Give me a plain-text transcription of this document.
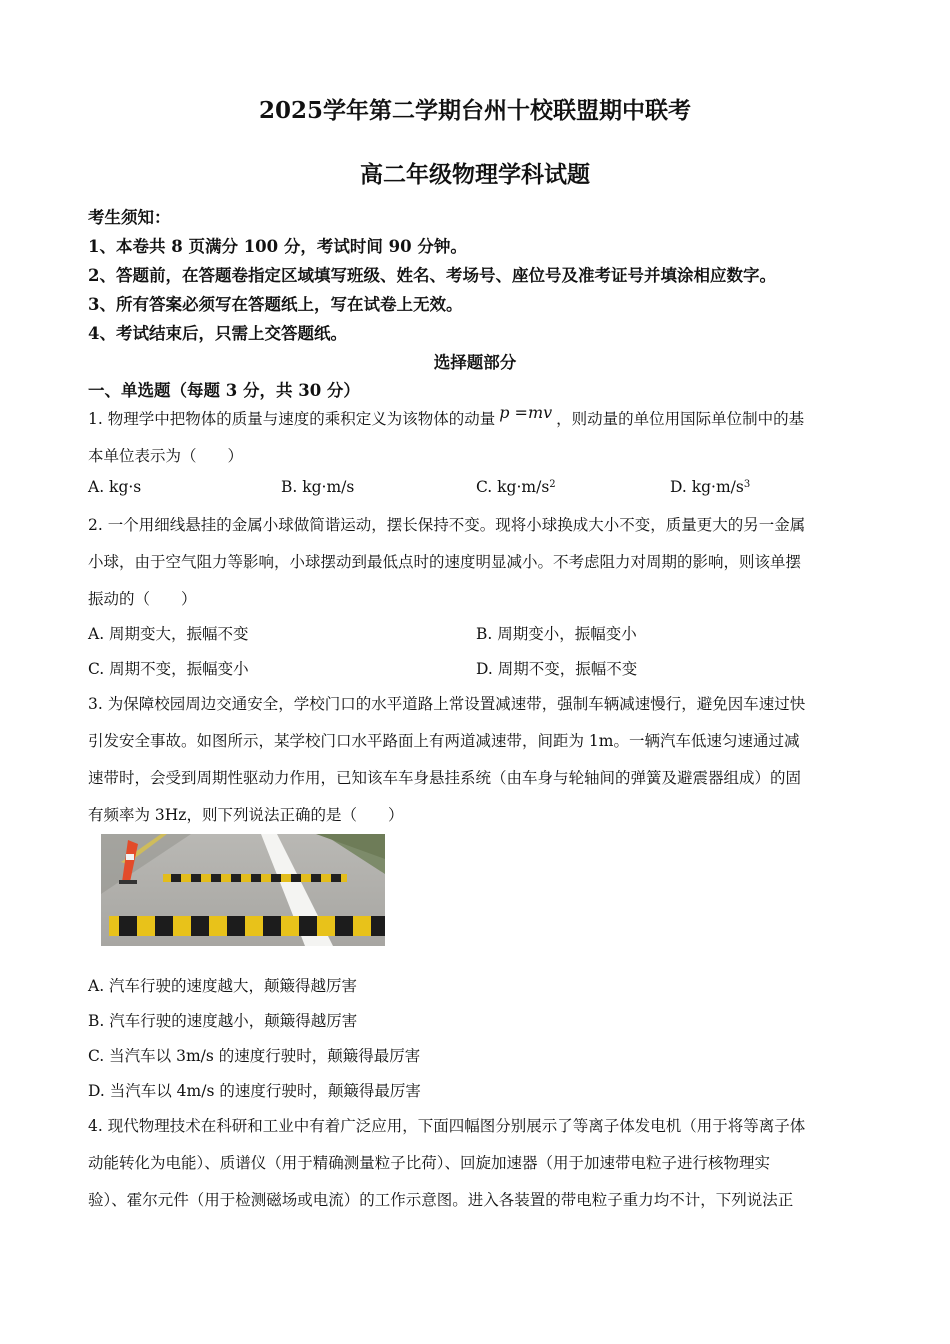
2025学年第二学期台州十校联盟期中联考
高二年级物理学科试题
考生须知：
1、本卷共 8 页满分 100 分，考试时间 90 分钟。
2、答题前，在答题卷指定区域填写班级、姓名、考场号、座位号及准考证号并填涂相应数字。
3、所有答案必须写在答题纸上，写在试卷上无效。
4、考试结束后，只需上交答题纸。
选择题部分
一、单选题（每题 3 分，共 30 分）
1. 物理学中把物体的质量与速度的乘积定义为该物体的动量 p =mv ，则动量的单位用国际单位制中的基
本单位表示为（　　）
A. kg·s	B. kg·m/s	C. $kg\cdot m/s^2$	D. $kg\cdot m/s^3$
2. 一个用细线悬挂的金属小球做简谐运动，摆长保持不变。现将小球换成大小不变，质量更大的另一金属
小球，由于空气阻力等影响，小球摆动到最低点时的速度明显减小。不考虑阻力对周期的影响，则该单摆
振动的（　　）
A. 周期变大，振幅不变	B. 周期变小，振幅变小
C. 周期不变，振幅变小	D. 周期不变，振幅不变
3. 为保障校园周边交通安全，学校门口的水平道路上常设置减速带，强制车辆减速慢行，避免因车速过快
引发安全事故。如图所示，某学校门口水平路面上有两道减速带，间距为 1m。一辆汽车低速匀速通过减
速带时，会受到周期性驱动力作用，已知该车车身悬挂系统（由车身与轮轴间的弹簧及避震器组成）的固
有频率为 3Hz，则下列说法正确的是（　　）
A. 汽车行驶的速度越大，颠簸得越厉害
B. 汽车行驶的速度越小，颠簸得越厉害
C. 当汽车以 3m/s 的速度行驶时，颠簸得最厉害
D. 当汽车以 4m/s 的速度行驶时，颠簸得最厉害
4. 现代物理技术在科研和工业中有着广泛应用，下面四幅图分别展示了等离子体发电机（用于将等离子体
动能转化为电能）、质谱仪（用于精确测量粒子比荷）、回旋加速器（用于加速带电粒子进行核物理实
验）、霍尔元件（用于检测磁场或电流）的工作示意图。进入各装置的带电粒子重力均不计，下列说法正
